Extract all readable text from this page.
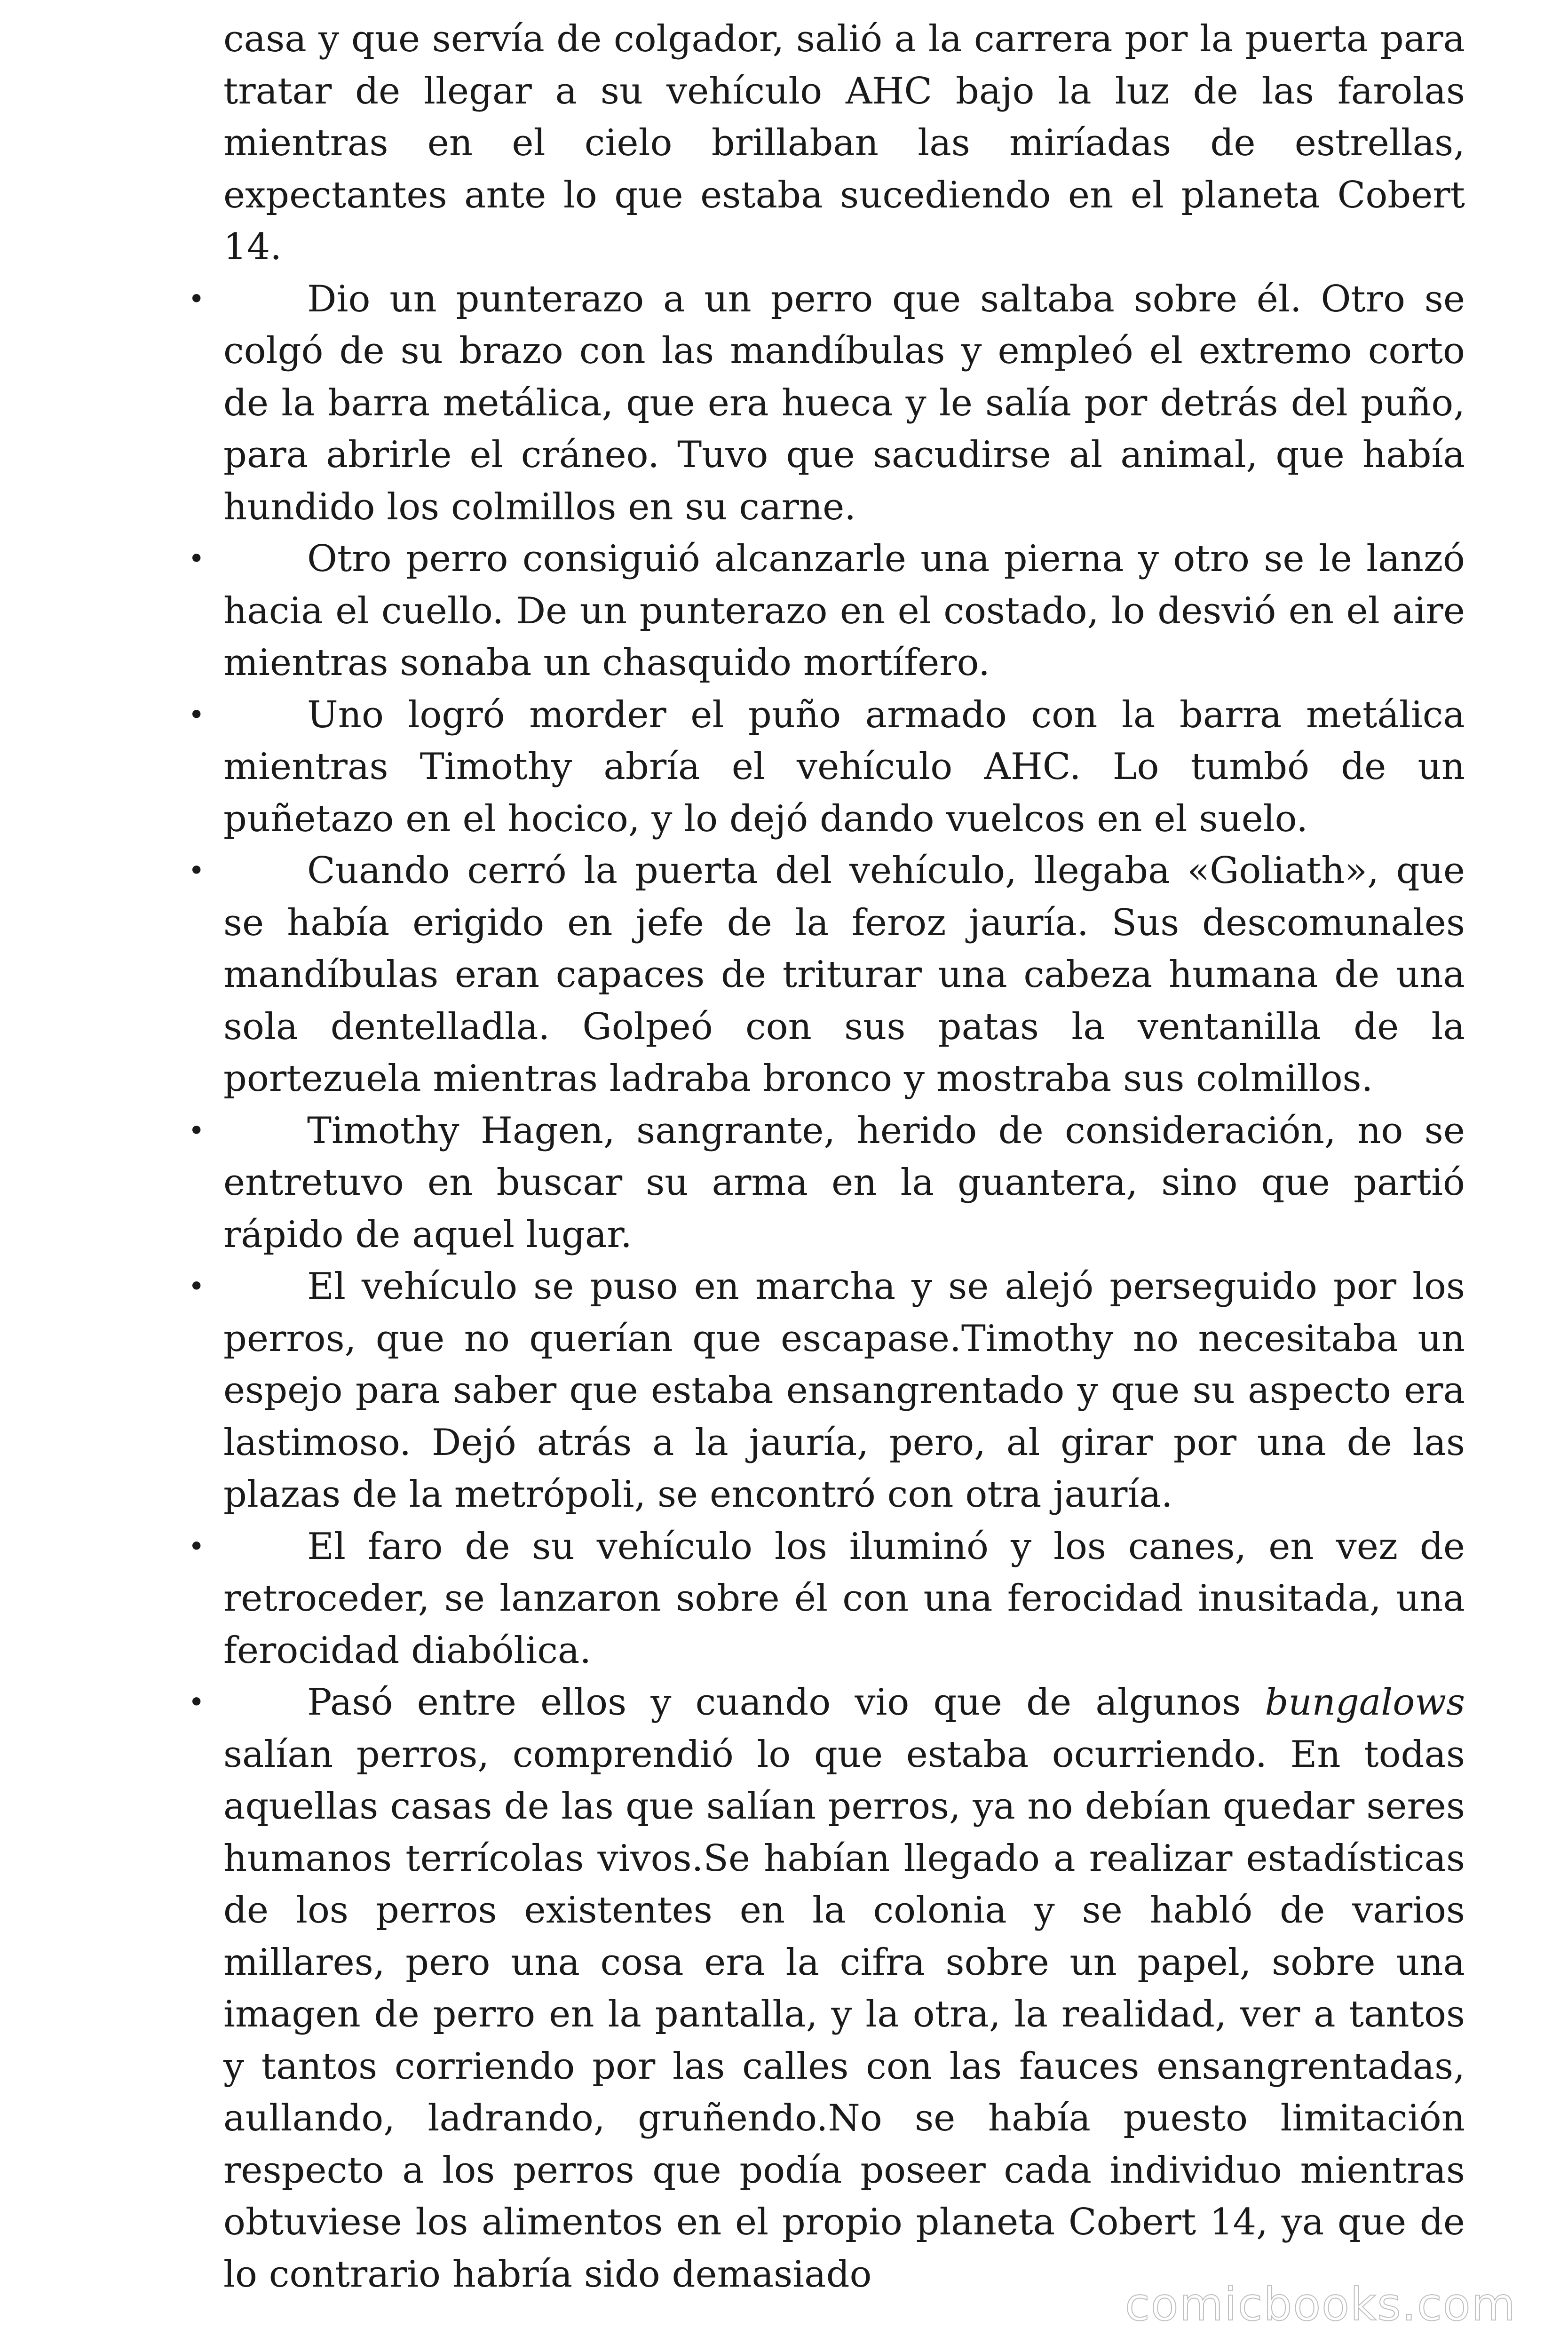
casa y que servía de colgador, salió a la carrera por la puerta para tratar de llegar a su vehículo AHC bajo la luz de las farolas mientras en el cielo brillaban las miríadas de estrellas, expectantes ante lo que estaba sucediendo en el planeta Cobert 14.

•	Dio un punterazo a un perro que saltaba sobre él. Otro se colgó de su brazo con las mandíbulas y empleó el extremo corto de la barra metálica, que era hueca y le salía por detrás del puño, para abrirle el cráneo. Tuvo que sacudirse al animal, que había hundido los colmillos en su carne.

•	Otro perro consiguió alcanzarle una pierna y otro se le lanzó hacia el cuello. De un punterazo en el costado, lo desvió en el aire mientras sonaba un chasquido mortífero.

•	Uno logró morder el puño armado con la barra metálica mientras Timothy abría el vehículo AHC. Lo tumbó de un puñetazo en el hocico, y lo dejó dando vuelcos en el suelo.

•	Cuando cerró la puerta del vehículo, llegaba «Goliath», que se había erigido en jefe de la feroz jauría. Sus descomunales mandíbulas eran capaces de triturar una cabeza humana de una sola dentelladla. Golpeó con sus patas la ventanilla de la portezuela mientras ladraba bronco y mostraba sus colmillos.

•	Timothy Hagen, sangrante, herido de consideración, no se entretuvo en buscar su arma en la guantera, sino que partió rápido de aquel lugar.

•	El vehículo se puso en marcha y se alejó perseguido por los perros, que no querían que escapase.Timothy no necesitaba un espejo para saber que estaba ensangrentado y que su aspecto era lastimoso. Dejó atrás a la jauría, pero, al girar por una de las plazas de la metrópoli, se encontró con otra jauría.

•	El faro de su vehículo los iluminó y los canes, en vez de retroceder, se lanzaron sobre él con una ferocidad inusitada, una ferocidad diabólica.

•	Pasó entre ellos y cuando vio que de algunos bungalows salían perros, comprendió lo que estaba ocurriendo. En todas aquellas casas de las que salían perros, ya no debían quedar seres humanos terrícolas vivos.Se habían llegado a realizar estadísticas de los perros existentes en la colonia y se habló de varios millares, pero una cosa era la cifra sobre un papel, sobre una imagen de perro en la pantalla, y la otra, la realidad, ver a tantos y tantos corriendo por las calles con las fauces ensangrentadas, aullando, ladrando, gruñendo.No se había puesto limitación respecto a los perros que podía poseer cada individuo mientras obtuviese los alimentos en el propio planeta Cobert 14, ya que de lo contrario habría sido demasiado

comicbooks.com
